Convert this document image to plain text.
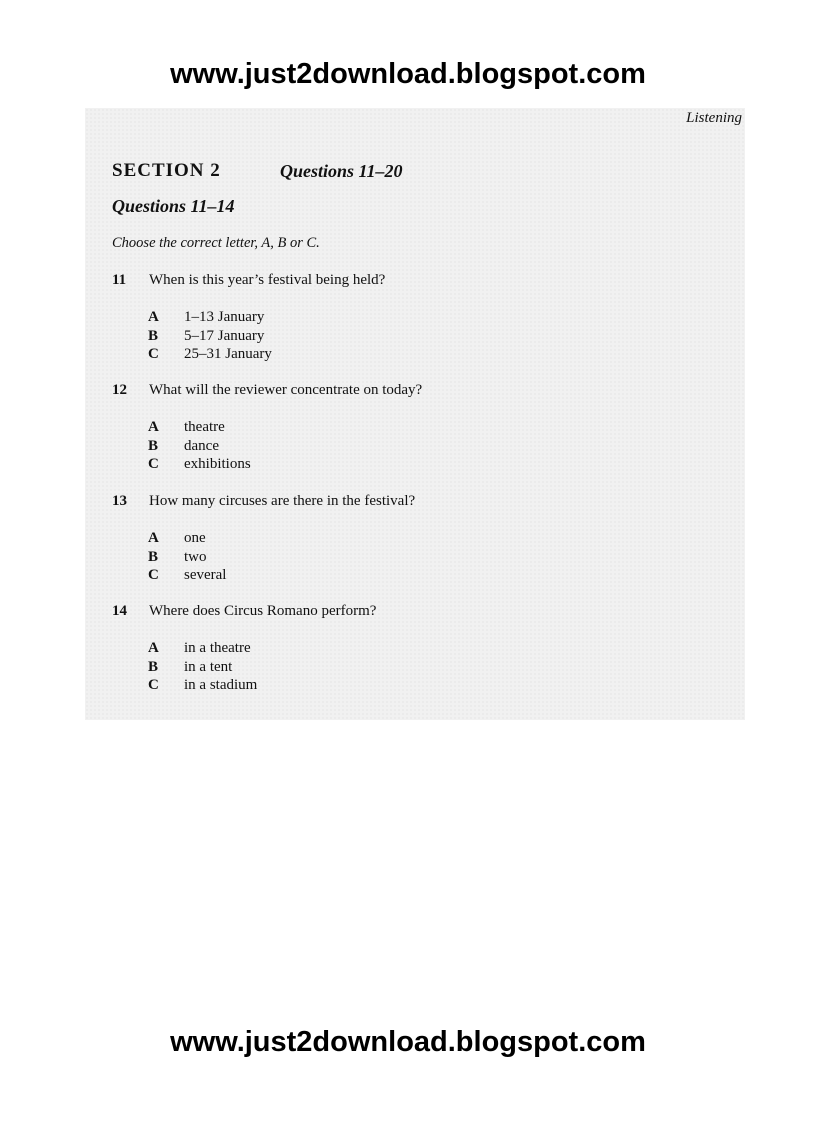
www.just2download.blogspot.com
Listening
SECTION 2	Questions 11–20
Questions 11–14
Choose the correct letter, A, B or C.
11 When is this year’s festival being held?
A 1–13 January
B 5–17 January
C 25–31 January
12 What will the reviewer concentrate on today?
A theatre
B dance
C exhibitions
13 How many circuses are there in the festival?
A one
B two
C several
14 Where does Circus Romano perform?
A in a theatre
B in a tent
C in a stadium
www.just2download.blogspot.com
